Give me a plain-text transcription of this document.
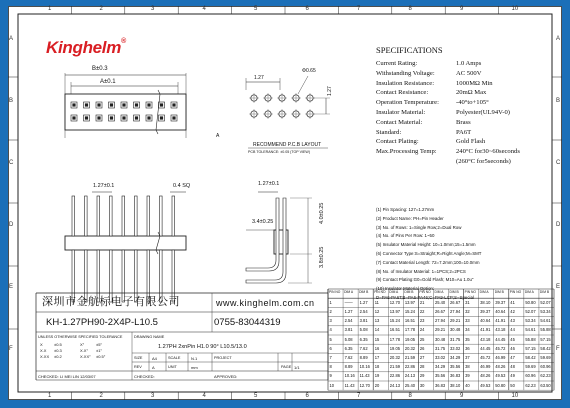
Kinghelm®
SPECIFICATIONS
RECOMMEND P.C.B LAYOUT
PCB TOLERANCE: ±0.05 (TOP VIEW)
B±0.3
A±0.1
1.27
Φ0.65
1.27
1.27±0.1	0.4 SQ	1.27±0.1
3.4±0.25	4.0±0.25
3.8±0.25
A
深圳市金航标电子有限公司	www.kinghelm.com.cn
KH-1.27PH90-2X4P-L10.5	0755-83044319
UNLESS OTHERWISE SPECIFIED TOLERANCE	DRAWING NAME
1.27PH 2xnPin H1.0 90° L10.5/13.0
SIZE A4	SCALE	N.1	PROJECT
REV	A	UNIT	mm	PAGE 1/1
CHECKED: LI MEI LIN 12/03/07	CHECKED:	APPROVED:
Current Rating:	1.0 Amps
Withstanding Voltage:	AC 500V
Insulation Resistance:	1000MΩ Min
Contact Resistance:	20mΩ Max
Operation Temperature:	-40°to+105°
Insulator Material:	Polyester(UL94V-0)
Contact Material:	Brass
Standard:	PA6T
Contact Plating:	Gold Flash
Max.Processing Temp:	240°C for30~60seconds
(260°C for5seconds)
(1) Pin Spacing: 127=1.27mm
(2) Product Name: PH=Pin Header
(3) No. of Rows: 1=Single Row;2=Dual Row
(4) No. of Pins Per Row: 1~50
(5) Insulator Material Height: 10=1.0mm;15=1.5mm
(6) Connector Type:S=Straight;R=Right Angle;M=SMT
(7) Contact Material Length: 72=7.2mm;100=10.0mm
(8) No. of Insulator Material: 1=1PCS;2=2PCS
(9) Contact Plating:G0=Gold Flash; M10=Au 1.0u"
(10) Insulator Material Option:
D=PA6-PA6T;B=PA6-PA46;C=PA9-LCP;S=Special
X	±0.5	X°	±5°
X.X ±0.3	X.X° ±1°
X.XX ±0.2	X.XX° ±0.5°
1
1
2
2
3
3
4
4
5
5
6
6
7
7
8
8
9
9
10
10
A	A
B	B
C	C
D	D
E	E
F	F
PIN NO DIM A DIM B PIN NO DIM A DIM B PIN NO DIM A DIM B PIN NO DIM A DIM B PIN NO DIM A DIM B
1	—— 1.27 11	12.70 13.97 21	25.40 26.67 31	38.10 39.37 41	50.80 52.07
2	1.27 2.54 12	13.97 15.24 22	26.67 27.94 32	39.37 40.64 42	52.07 53.34
3	2.54 3.81 13	15.24 16.51 23	27.94 29.21 33	40.64 41.91 43	53.34 54.61
4	3.81 5.08 14	16.51 17.78 24	29.21 30.48 34	41.91 43.18 44	54.61 55.88
5	5.08 6.35 15	17.78 19.05 25	30.48 31.75 35	43.18 44.45 45	55.88 57.15
6	6.35 7.62 16	19.05 20.32 26	31.75 33.02 36	44.45 45.72 46	57.15 58.42
7	7.62 8.89 17	20.32 21.59 27	33.02 34.29 37	45.72 46.99 47	58.42 59.69
8	8.89 10.16 18	21.59 22.86 28	34.29 35.56 38	46.99 48.26 48	59.69 60.96
9	10.16 11.43 19	22.86 24.13 29	35.56 36.83 39	48.26 49.53 49	60.96 62.23
10	11.43 12.70 20	24.13 25.40 30	36.83 38.10 40	49.53 50.80 50	62.23 63.50
